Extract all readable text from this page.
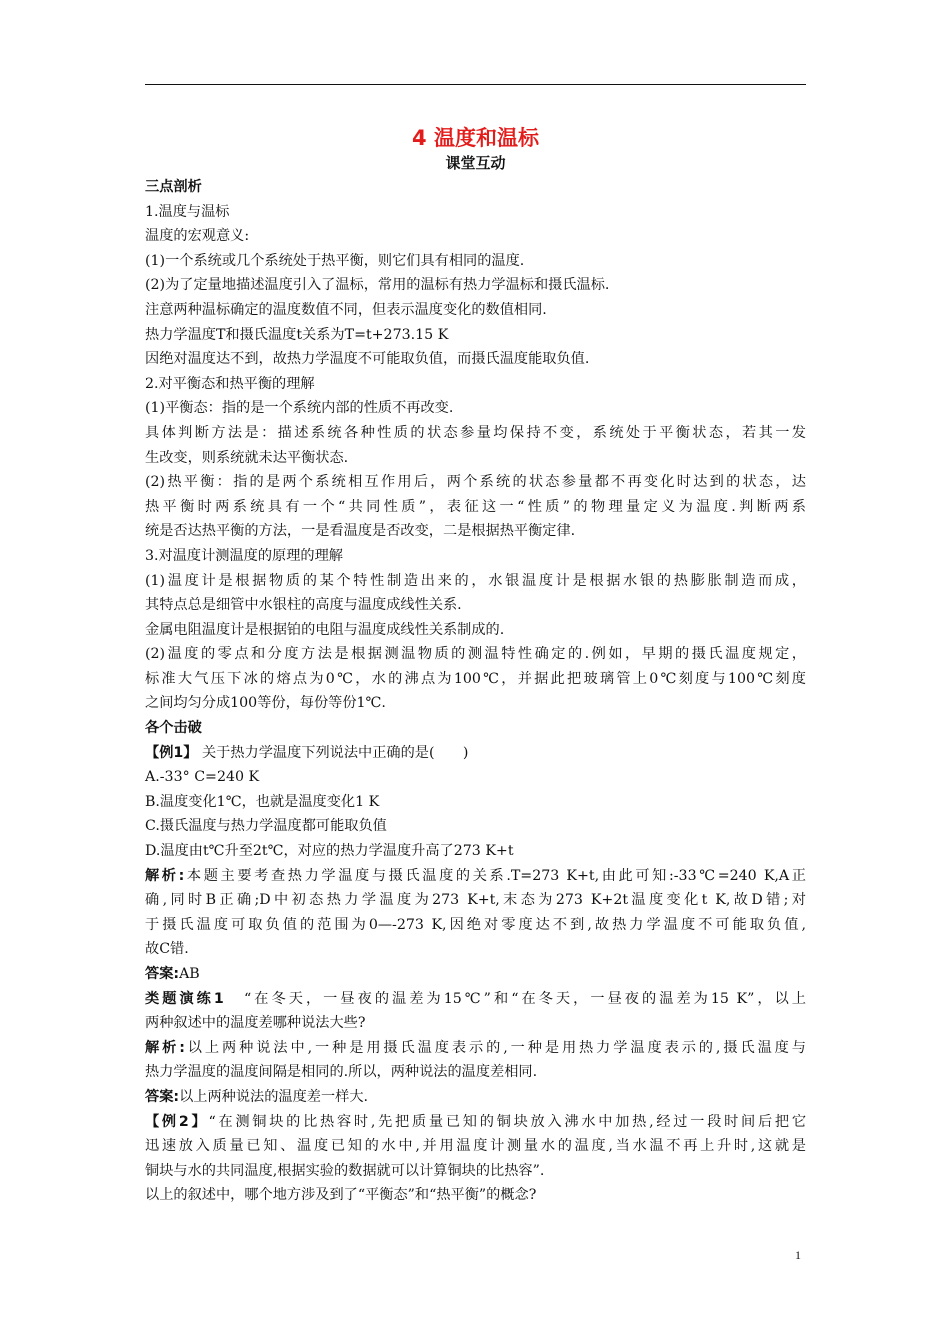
4 温度和温标
课堂互动
三点剖析
1.温度与温标
温度的宏观意义:
(1)一个系统或几个系统处于热平衡，则它们具有相同的温度.
(2)为了定量地描述温度引入了温标，常用的温标有热力学温标和摄氏温标.
注意两种温标确定的温度数值不同，但表示温度变化的数值相同.
热力学温度T和摄氏温度t关系为T=t+273.15 K
因绝对温度达不到，故热力学温度不可能取负值，而摄氏温度能取负值.
2.对平衡态和热平衡的理解
(1)平衡态：指的是一个系统内部的性质不再改变.
具体判断方法是：描述系统各种性质的状态参量均保持不变，系统处于平衡状态，若其一发
生改变，则系统就未达平衡状态.
(2)热平衡：指的是两个系统相互作用后，两个系统的状态参量都不再变化时达到的状态，达
热平衡时两系统具有一个“共同性质”，表征这一“性质”的物理量定义为温度.判断两系
统是否达热平衡的方法，一是看温度是否改变，二是根据热平衡定律.
3.对温度计测温度的原理的理解
(1)温度计是根据物质的某个特性制造出来的，水银温度计是根据水银的热膨胀制造而成，
其特点总是细管中水银柱的高度与温度成线性关系.
金属电阻温度计是根据铂的电阻与温度成线性关系制成的.
(2)温度的零点和分度方法是根据测温物质的测温特性确定的.例如，早期的摄氏温度规定，
标准大气压下冰的熔点为0℃，水的沸点为100℃，并据此把玻璃管上0℃刻度与100℃刻度
之间均匀分成100等份，每份等份1℃.
各个击破
【例1】 关于热力学温度下列说法中正确的是(　　)
A.-33° C=240 K
B.温度变化1℃，也就是温度变化1 K
C.摄氏温度与热力学温度都可能取负值
D.温度由t℃升至2t℃，对应的热力学温度升高了273 K+t
解析:本题主要考查热力学温度与摄氏温度的关系.T=273 K+t,由此可知:-33℃=240 K,A正
确,同时B正确;D中初态热力学温度为273 K+t,末态为273 K+2t温度变化t K,故D错;对
于摄氏温度可取负值的范围为0—-273 K,因绝对零度达不到,故热力学温度不可能取负值,
故C错.
答案:AB
类题演练1　“在冬天，一昼夜的温差为15℃”和“在冬天，一昼夜的温差为15 K”，以上
两种叙述中的温度差哪种说法大些?
解析:以上两种说法中,一种是用摄氏温度表示的,一种是用热力学温度表示的,摄氏温度与
热力学温度的温度间隔是相同的.所以，两种说法的温度差相同.
答案:以上两种说法的温度差一样大.
【例2】“在测铜块的比热容时,先把质量已知的铜块放入沸水中加热,经过一段时间后把它
迅速放入质量已知、温度已知的水中,并用温度计测量水的温度,当水温不再上升时,这就是
铜块与水的共同温度,根据实验的数据就可以计算铜块的比热容”.
以上的叙述中，哪个地方涉及到了“平衡态”和“热平衡”的概念?
1
